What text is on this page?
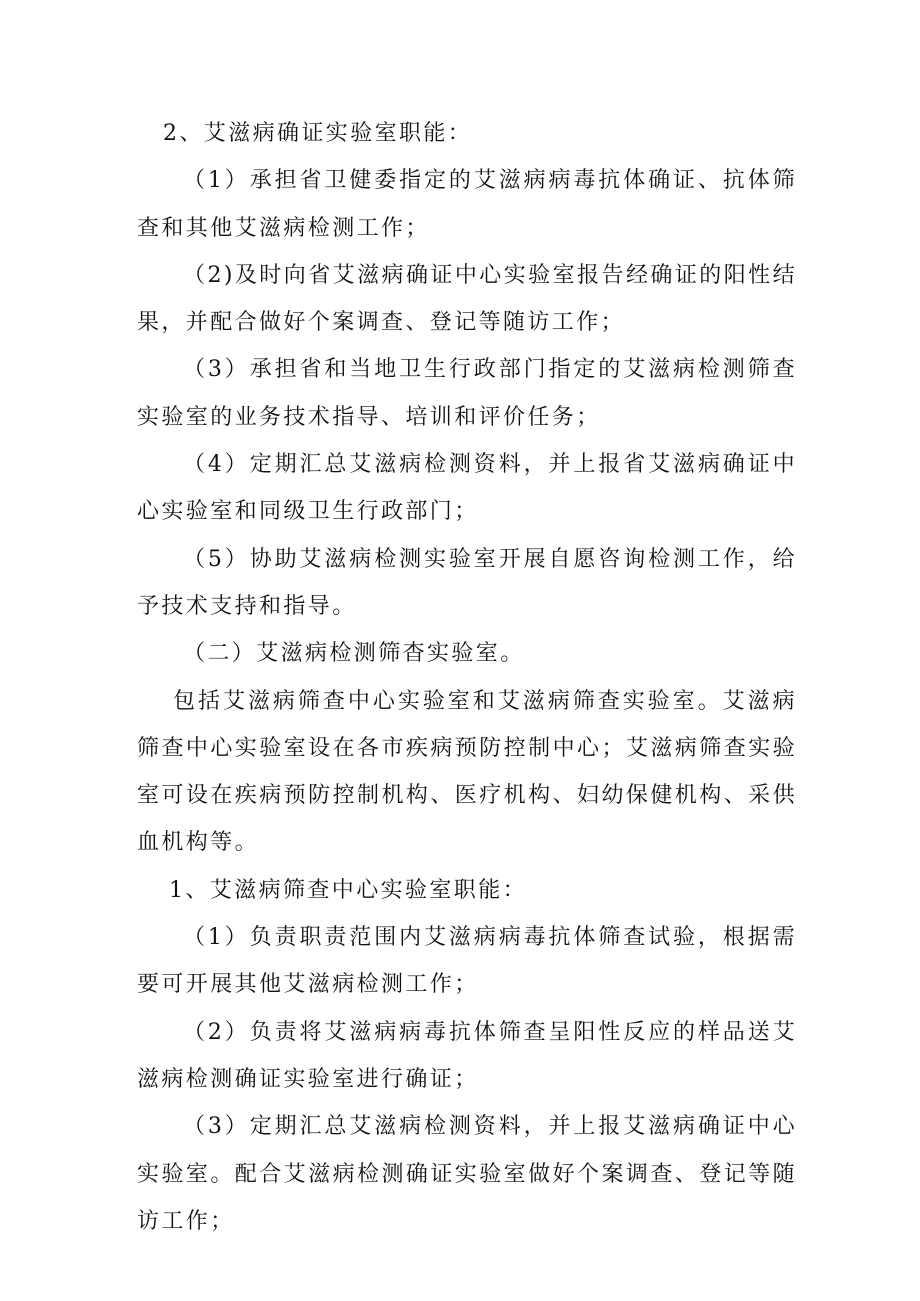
2、艾滋病确证实验室职能：

（1）承担省卫健委指定的艾滋病病毒抗体确证、抗体筛查和其他艾滋病检测工作；

（2)及时向省艾滋病确证中心实验室报告经确证的阳性结果，并配合做好个案调查、登记等随访工作；

（3）承担省和当地卫生行政部门指定的艾滋病检测筛查实验室的业务技术指导、培训和评价任务；

（4）定期汇总艾滋病检测资料，并上报省艾滋病确证中心实验室和同级卫生行政部门；

（5）协助艾滋病检测实验室开展自愿咨询检测工作，给予技术支持和指导。

（二）艾滋病检测筛杳实验室。

包括艾滋病筛查中心实验室和艾滋病筛查实验室。艾滋病筛查中心实验室设在各市疾病预防控制中心；艾滋病筛查实验室可设在疾病预防控制机构、医疗机构、妇幼保健机构、采供血机构等。

1、艾滋病筛查中心实验室职能：

（1）负责职责范围内艾滋病病毒抗体筛查试验，根据需要可开展其他艾滋病检测工作；

（2）负责将艾滋病病毒抗体筛查呈阳性反应的样品送艾滋病检测确证实验室进行确证；

（3）定期汇总艾滋病检测资料，并上报艾滋病确证中心实验室。配合艾滋病检测确证实验室做好个案调查、登记等随访工作；
